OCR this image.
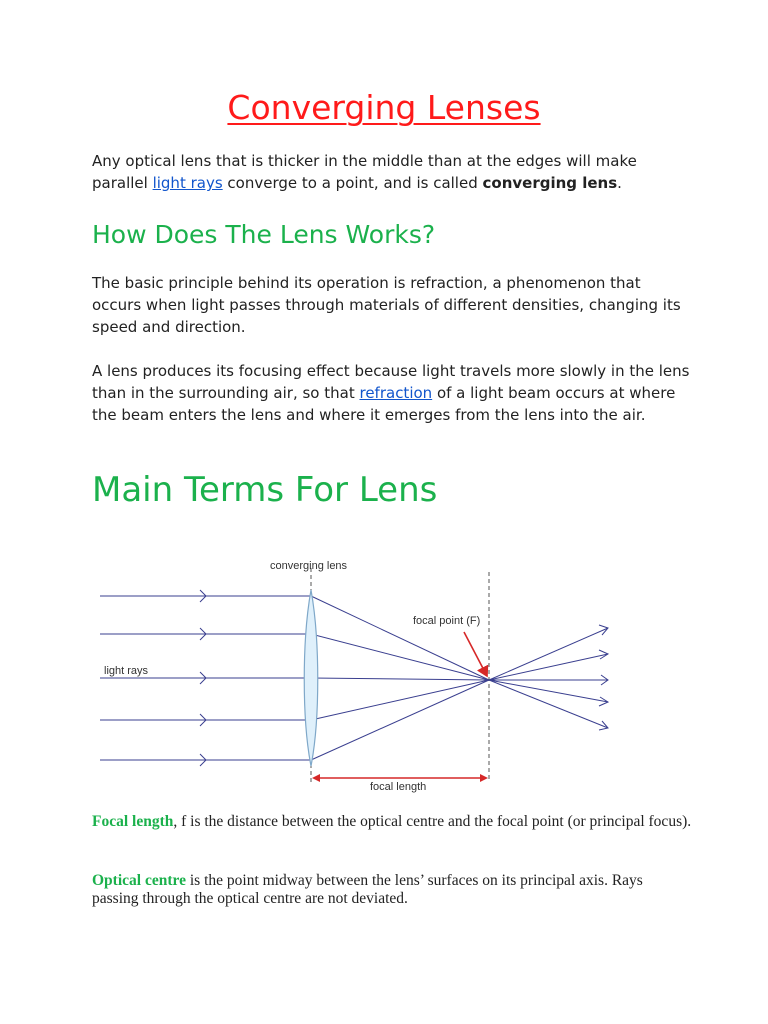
Converging Lenses

Any optical lens that is thicker in the middle than at the edges will make parallel light rays converge to a point, and is called converging lens.

How Does The Lens Works?

The basic principle behind its operation is refraction, a phenomenon that occurs when light passes through materials of different densities, changing its speed and direction.

A lens produces its focusing effect because light travels more slowly in the lens than in the surrounding air, so that refraction of a light beam occurs at where the beam enters the lens and where it emerges from the lens into the air.

Main Terms For Lens
converging lens
focal point (F)
light rays
focal length

Focal length, f is the distance between the optical centre and the focal point (or principal focus).

Optical centre is the point midway between the lens’ surfaces on its principal axis. Rays passing through the optical centre are not deviated.
